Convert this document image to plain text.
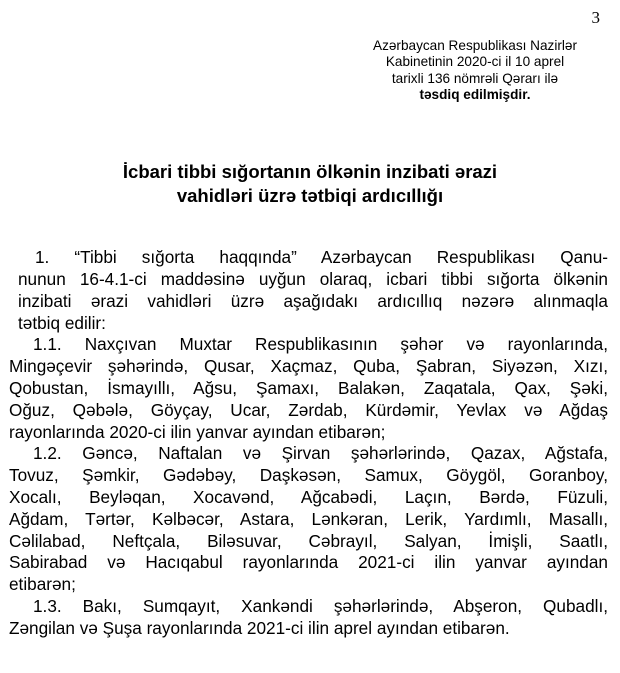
3
Azərbaycan Respublikası Nazirlər
Kabinetinin 2020-ci il 10 aprel
tarixli 136 nömrəli Qərarı ilə
təsdiq edilmişdir.
İcbari tibbi sığortanın ölkənin inzibati ərazi
vahidləri üzrə tətbiqi ardıcıllığı
1. “Tibbi sığorta haqqında” Azərbaycan Respublikası Qanu-
nunun 16-4.1-ci maddəsinə uyğun olaraq, icbari tibbi sığorta ölkənin
inzibati ərazi vahidləri üzrə aşağıdakı ardıcıllıq nəzərə alınmaqla
tətbiq edilir:
1.1. Naxçıvan Muxtar Respublikasının şəhər və rayonlarında,
Mingəçevir şəhərində, Qusar, Xaçmaz, Quba, Şabran, Siyəzən, Xızı,
Qobustan, İsmayıllı, Ağsu, Şamaxı, Balakən, Zaqatala, Qax, Şəki,
Oğuz, Qəbələ, Göyçay, Ucar, Zərdab, Kürdəmir, Yevlax və Ağdaş
rayonlarında 2020-ci ilin yanvar ayından etibarən;
1.2. Gəncə, Naftalan və Şirvan şəhərlərində, Qazax, Ağstafa,
Tovuz, Şəmkir, Gədəbəy, Daşkəsən, Samux, Göygöl, Goranboy,
Xocalı, Beyləqan, Xocavənd, Ağcabədi, Laçın, Bərdə, Füzuli,
Ağdam, Tərtər, Kəlbəcər, Astara, Lənkəran, Lerik, Yardımlı, Masallı,
Cəlilabad, Neftçala, Biləsuvar, Cəbrayıl, Salyan, İmişli, Saatlı,
Sabirabad və Hacıqabul rayonlarında 2021-ci ilin yanvar ayından
etibarən;
1.3. Bakı, Sumqayıt, Xankəndi şəhərlərində, Abşeron, Qubadlı,
Zəngilan və Şuşa rayonlarında 2021-ci ilin aprel ayından etibarən.
